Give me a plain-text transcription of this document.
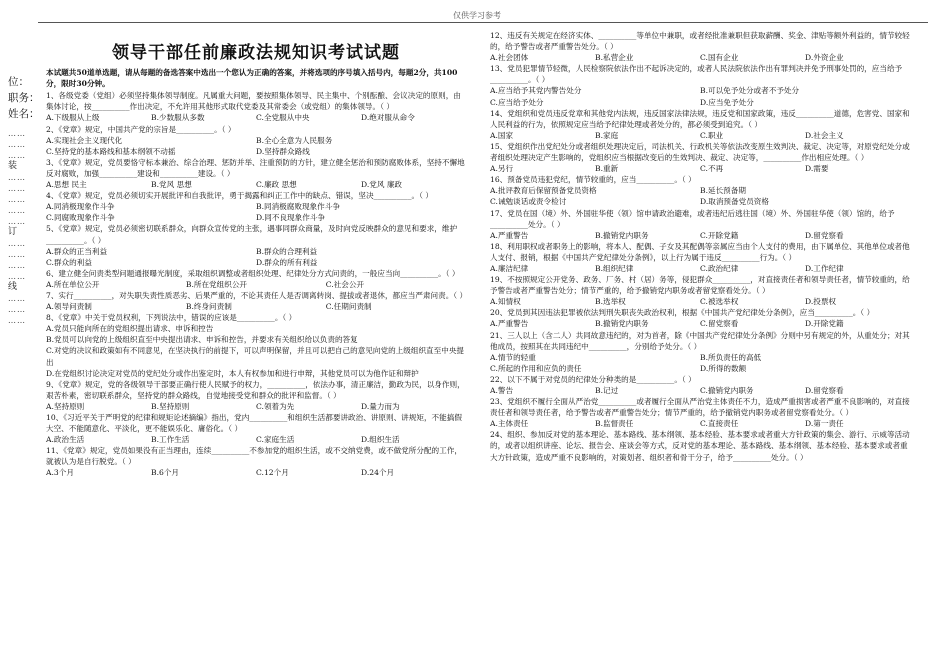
仅供学习参考
位：
职务：
姓名：
……
……
……
装
……
……
……
……
……
订
……
……
……
……
线
……
……
……
领导干部任前廉政法规知识考试试题
本试题共50道单选题，请从每题的备选答案中选出一个您认为正确的答案，并将选项的序号填入括号内，每题2分，共100分，限时30分钟。
1、各级党委（党组）必须坚持集体领导制度。凡属重大问题，要按照集体领导、民主集中、个别酝酿、会议决定的原则，由集体讨论，按__________作出决定，不允许用其他形式取代党委及其常委会（或党组）的集体领导。（ ）
A.下级服从上级	B.少数服从多数	C.全党服从中央	D.绝对服从命令
2、《党章》规定，中国共产党的宗旨是__________。（ ）
A.实现社会主义现代化	B.全心全意为人民服务
C.坚持党的基本路线和基本纲领不动摇	D.坚持群众路线
3、《党章》规定，党员要恪守标本兼治、综合治理、惩防并举、注重预防的方针，建立健全惩治和预防腐败体系，坚持不懈地反对腐败，加强__________建设和__________建设。（ ）
A.思想 民主	B.党风 思想	C.廉政 思想	D.党风 廉政
4、《党章》规定，党员必须切实开展批评和自我批评，勇于揭露和纠正工作中的缺点、错误，坚决__________。（ ）
A.同消极现象作斗争	B.同消极腐败现象作斗争
C.同腐败现象作斗争	D.同不良现象作斗争
5、《党章》规定，党员必须密切联系群众，向群众宣传党的主张，遇事同群众商量，及时向党反映群众的意见和要求，维护__________。（ ）
A.群众的正当利益	B.群众的合理利益
C.群众的利益	D.群众的所有利益
6、建立健全问责类型问题通报曝光制度，采取组织调整或者组织处理、纪律处分方式问责的，一般应当向__________。（ ）
A.所在单位公开	B.所在党组织公开	C.社会公开
7、实行__________，对失职失责性质恶劣、后果严重的，不论其责任人是否调离转岗、提拔或者退休，都应当严肃问责。（ ）
A.领导问责制	B.终身问责制	C.任期问责制
8、《党章》中关于党员权利，下列说法中，错误的应该是__________。（ ）
A.党员只能向所在的党组织提出请求、申诉和控告
B.党员可以向党的上级组织直至中央提出请求、申诉和控告，并要求有关组织给以负责的答复
C.对党的决议和政策如有不同意见，在坚决执行的前提下，可以声明保留，并且可以把自己的意见向党的上级组织直至中央提出
D.在党组织讨论决定对党员的党纪处分或作出鉴定时，本人有权参加和进行申辩，其他党员可以为他作证和辩护
9、《党章》规定，党的各级领导干部要正确行使人民赋予的权力，__________，依法办事，清正廉洁，勤政为民，以身作则，艰苦朴素，密切联系群众，坚持党的群众路线，自觉地接受党和群众的批评和监督。（ ）
A.坚持原则	B.坚持原则	C.领着为先	D.量力而为
10、《习近平关于严明党的纪律和规矩论述摘编》指出，党内__________和组织生活都要讲政治、讲原则、讲规矩，不能搞假大空、不能随意化、平淡化，更不能娱乐化、庸俗化。（ ）
A.政治生活	B.工作生活	C.家庭生活	D.组织生活
11、《党章》规定，党员如果没有正当理由，连续__________不参加党的组织生活，或不交纳党费，或不做党所分配的工作，就被认为是自行脱党。（ ）
A.3个月	B.6个月	C.12个月	D.24个月
12、违反有关规定在经济实体、__________等单位中兼职，或者经批准兼职但获取薪酬、奖金、津贴等额外利益的，情节较轻的，给予警告或者严重警告处分。（ ）
A.社会团体	B.私营企业	C.国有企业	D.外资企业
13、党员犯罪情节轻微，人民检察院依法作出不起诉决定的，或者人民法院依法作出有罪判决并免予刑事处罚的，应当给予__________。（ ）
A.应当给予其党内警告处分	B.可以免予处分或者不予处分
C.应当给予处分	D.应当免予处分
14、党组织和党员违反党章和其他党内法规，违反国家法律法规，违反党和国家政策，违反__________道德，危害党、国家和人民利益的行为，依照规定应当给予纪律处理或者处分的，都必须受到追究。（ ）
A.国家	B.家庭	C.职业	D.社会主义
15、党组织作出党纪处分或者组织处理决定后，司法机关、行政机关等依法改变原生效判决、裁定、决定等，对原党纪处分或者组织处理决定产生影响的，党组织应当根据改变后的生效判决、裁定、决定等，__________作出相应处理。（ ）
A.另行	B.重新	C.不再	D.需要
16、预备党员违犯党纪，情节较重的，应当__________。（ ）
A.批评教育后保留预备党员资格	B.延长预备期
C.诫勉谈话或责令检讨	D.取消预备党员资格
17、党员在国（境）外、外国驻华使（领）馆申请政治避难，或者违纪后逃往国（境）外、外国驻华使（领）馆的，给予__________处分。（ ）
A.严重警告	B.撤销党内职务	C.开除党籍	D.留党察看
18、利用职权或者职务上的影响，将本人、配偶、子女及其配偶等亲属应当由个人支付的费用，由下属单位、其他单位或者他人支付、报销，根据《中国共产党纪律处分条例》，以上行为属于违反__________行为。（ ）
A.廉洁纪律	B.组织纪律	C.政治纪律	D.工作纪律
19、不按照规定公开党务、政务、厂务、村（居）务等，侵犯群众__________，对直接责任者和领导责任者，情节较重的，给予警告或者严重警告处分；情节严重的，给予撤销党内职务或者留党察看处分。（ ）
A.知情权	B.选举权	C.被选举权	D.投票权
20、党员到其因违法犯罪被依法判刑失职丧失政治权利，根据《中国共产党纪律处分条例》，应当__________。（ ）
A.严重警告	B.撤销党内职务	C.留党察看	D.开除党籍
21、三人以上（含二人）共同故意违纪的，对为首者，除《中国共产党纪律处分条例》分则中另有规定的外，从重处分；对其他成员，按照其在共同违纪中__________，分别给予处分。（ ）
A.情节的轻重	B.所负责任的高低
C.所起的作用和应负的责任	D.所得的数额
22、以下不属于对党员的纪律处分种类的是__________。（ ）
A.警告	B.记过	C.撤销党内职务	D.留党察看
23、党组织不履行全面从严治党__________或者履行全面从严治党主体责任不力，造成严重损害或者严重不良影响的，对直接责任者和领导责任者，给予警告或者严重警告处分；情节严重的，给予撤销党内职务或者留党察看处分。（ ）
A.主体责任	B.监督责任	C.直接责任	D.第一责任
24、组织、参加反对党的基本理论、基本路线、基本纲领、基本经验、基本要求或者重大方针政策的集会、游行、示威等活动的，或者以组织讲座、论坛、报告会、座谈会等方式，反对党的基本理论、基本路线、基本纲领、基本经验、基本要求或者重大方针政策，造成严重不良影响的，对策划者、组织者和骨干分子，给予__________处分。（ ）
